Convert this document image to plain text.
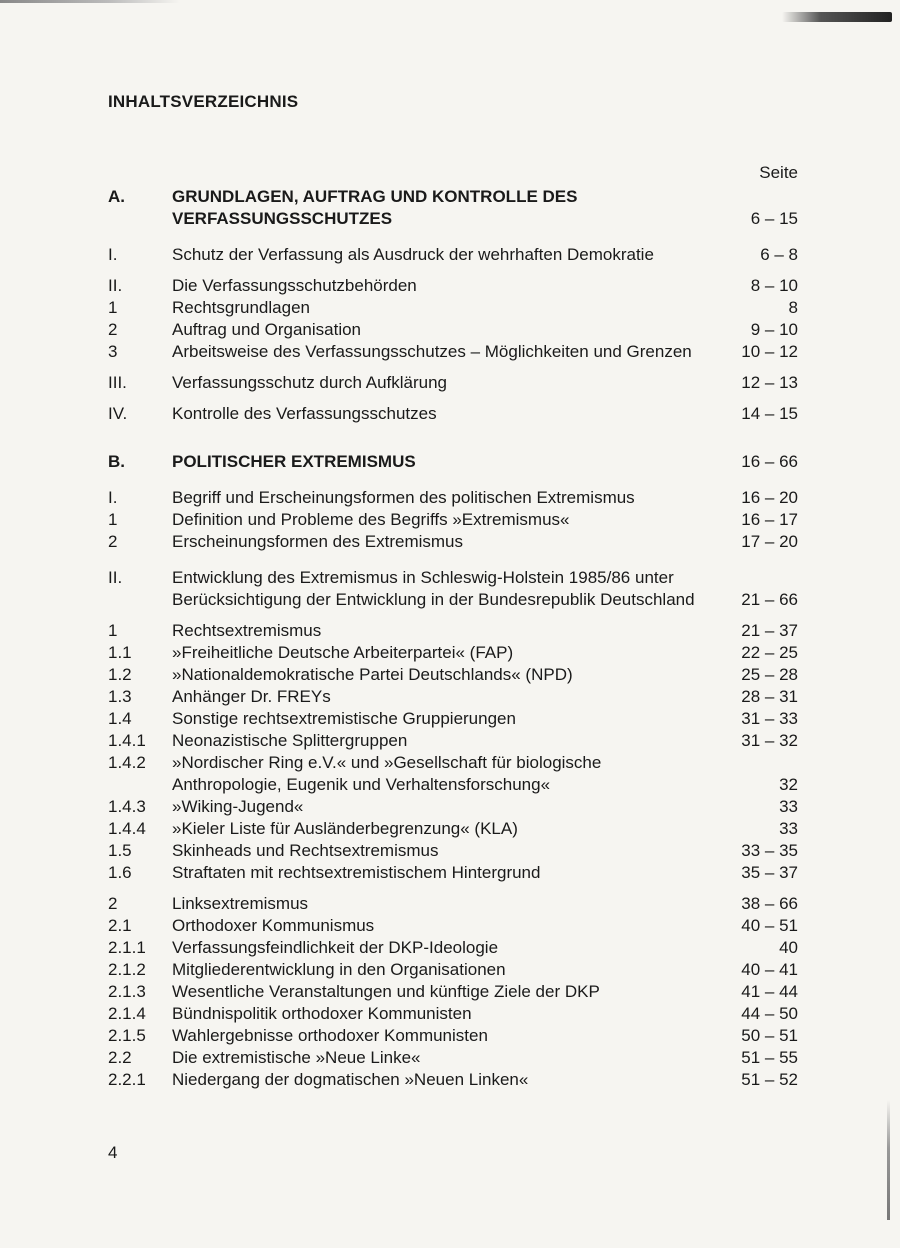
INHALTSVERZEICHNIS
Seite
A.	GRUNDLAGEN, AUFTRAG UND KONTROLLE DES VERFASSUNGSSCHUTZES	6 – 15
I.	Schutz der Verfassung als Ausdruck der wehrhaften Demokratie	6 – 8
II.	Die Verfassungsschutzbehörden	8 – 10
1	Rechtsgrundlagen	8
2	Auftrag und Organisation	9 – 10
3	Arbeitsweise des Verfassungsschutzes – Möglichkeiten und Grenzen	10 – 12
III.	Verfassungsschutz durch Aufklärung	12 – 13
IV.	Kontrolle des Verfassungsschutzes	14 – 15
B.	POLITISCHER EXTREMISMUS	16 – 66
I.	Begriff und Erscheinungsformen des politischen Extremismus	16 – 20
1	Definition und Probleme des Begriffs »Extremismus«	16 – 17
2	Erscheinungsformen des Extremismus	17 – 20
II.	Entwicklung des Extremismus in Schleswig-Holstein 1985/86 unter Berücksichtigung der Entwicklung in der Bundesrepublik Deutschland	21 – 66
1	Rechtsextremismus	21 – 37
1.1	»Freiheitliche Deutsche Arbeiterpartei« (FAP)	22 – 25
1.2	»Nationaldemokratische Partei Deutschlands« (NPD)	25 – 28
1.3	Anhänger Dr. FREYs	28 – 31
1.4	Sonstige rechtsextremistische Gruppierungen	31 – 33
1.4.1	Neonazistische Splittergruppen	31 – 32
1.4.2	»Nordischer Ring e.V.« und »Gesellschaft für biologische Anthropologie, Eugenik und Verhaltensforschung«	32
1.4.3	»Wiking-Jugend«	33
1.4.4	»Kieler Liste für Ausländerbegrenzung« (KLA)	33
1.5	Skinheads und Rechtsextremismus	33 – 35
1.6	Straftaten mit rechtsextremistischem Hintergrund	35 – 37
2	Linksextremismus	38 – 66
2.1	Orthodoxer Kommunismus	40 – 51
2.1.1	Verfassungsfeindlichkeit der DKP-Ideologie	40
2.1.2	Mitgliederentwicklung in den Organisationen	40 – 41
2.1.3	Wesentliche Veranstaltungen und künftige Ziele der DKP	41 – 44
2.1.4	Bündnispolitik orthodoxer Kommunisten	44 – 50
2.1.5	Wahlergebnisse orthodoxer Kommunisten	50 – 51
2.2	Die extremistische »Neue Linke«	51 – 55
2.2.1	Niedergang der dogmatischen »Neuen Linken«	51 – 52
4
